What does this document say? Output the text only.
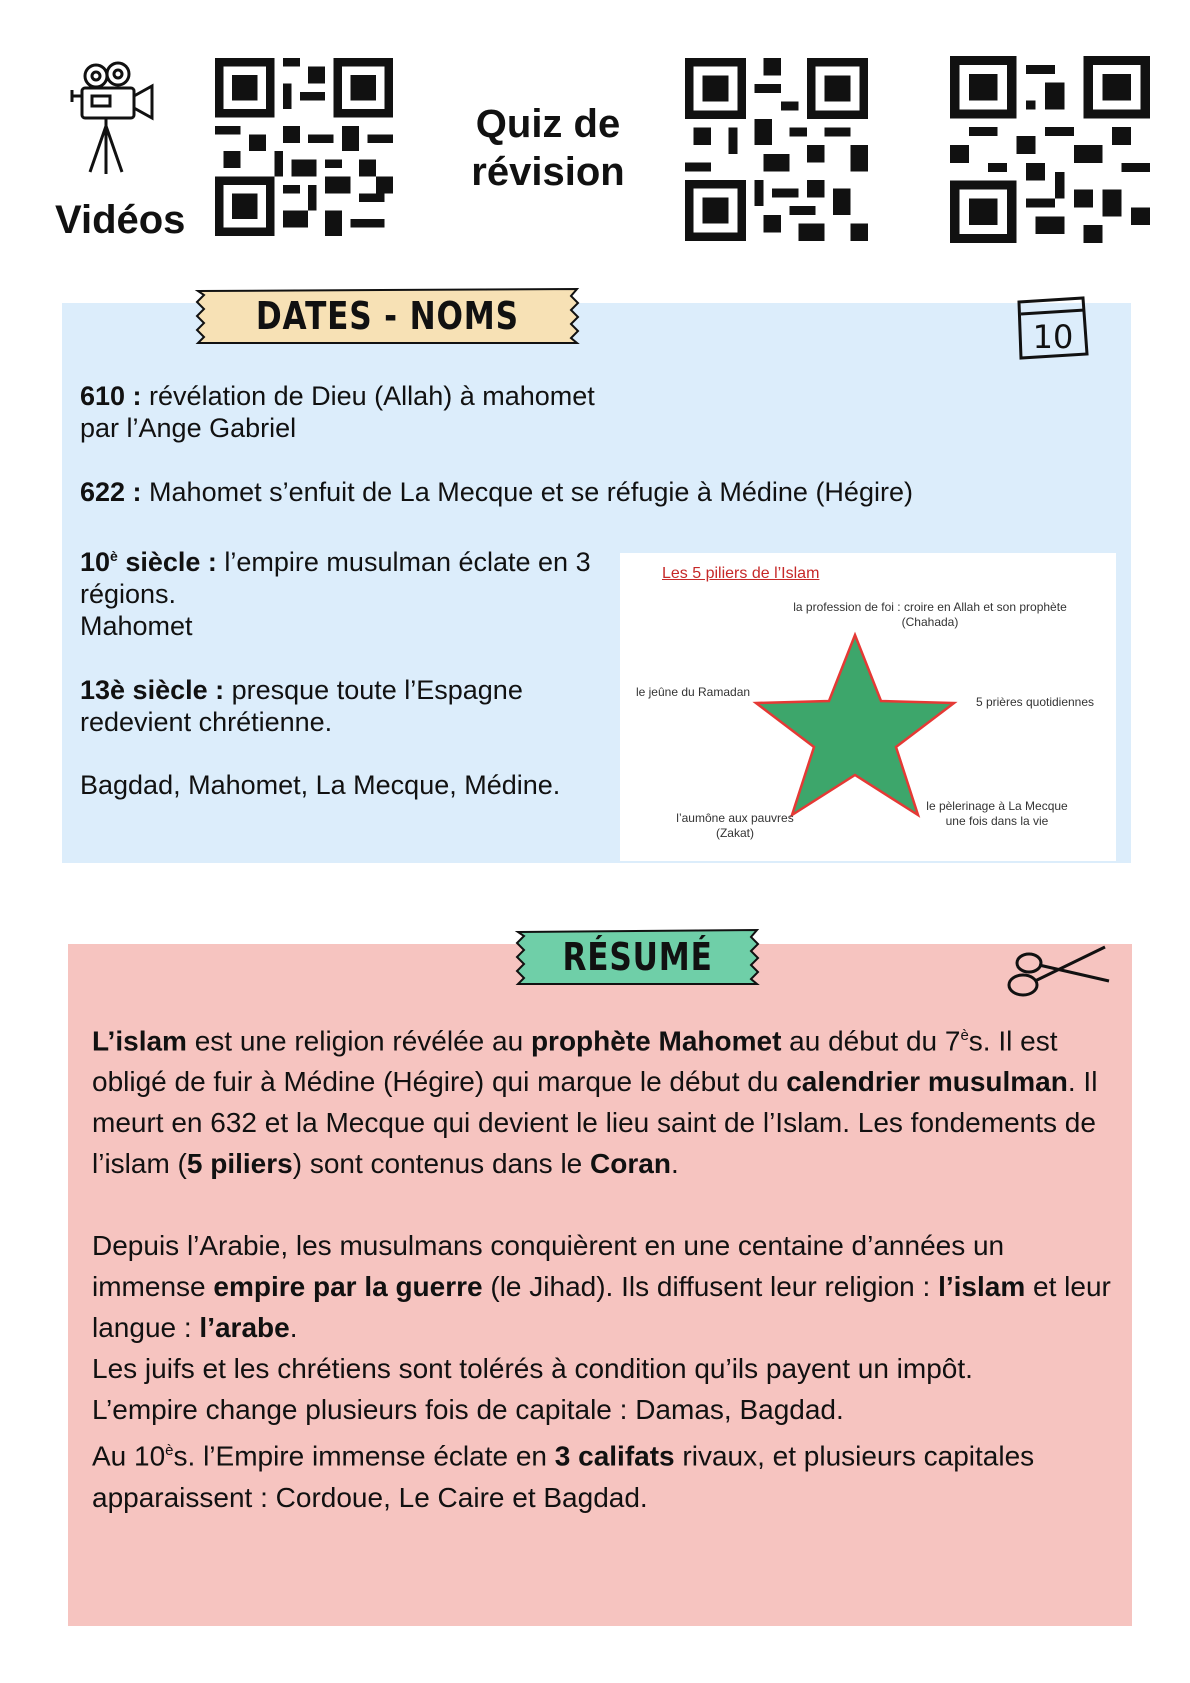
Vidéos
Quiz de
révision
DATES - NOMS	10
610 : révélation de Dieu (Allah) à mahomet par l’Ange Gabriel
622 : Mahomet s’enfuit de La Mecque et se réfugie à Médine (Hégire)
$10^è$ siècle : l’empire musulman éclate en 3 régions.
Mahomet
13è siècle : presque toute l’Espagne redevient chrétienne.
Bagdad, Mahomet, La Mecque, Médine.
Les 5 piliers de l’Islam
la profession de foi : croire en Allah et son prophète
(Chahada)
le jeûne du Ramadan
5 prières quotidiennes
l’aumône aux pauvres
(Zakat)
le pèlerinage à La Mecque
une fois dans la vie
RÉSUMÉ

L’islam est une religion révélée au prophète Mahomet au début du $7^ès$. Il est obligé de fuir à Médine (Hégire) qui marque le début du calendrier musulman. Il meurt en 632 et la Mecque qui devient le lieu saint de l’Islam. Les fondements de l’islam (5 piliers) sont contenus dans le Coran.

Depuis l’Arabie, les musulmans conquièrent en une centaine d’années un immense empire par la guerre (le Jihad). Ils diffusent leur religion : l’islam et leur langue : l’arabe.

Les juifs et les chrétiens sont tolérés à condition qu’ils payent un impôt.

L’empire change plusieurs fois de capitale : Damas, Bagdad.

Au $10^ès$. l’Empire immense éclate en 3 califats rivaux, et plusieurs capitales apparaissent : Cordoue, Le Caire et Bagdad.
